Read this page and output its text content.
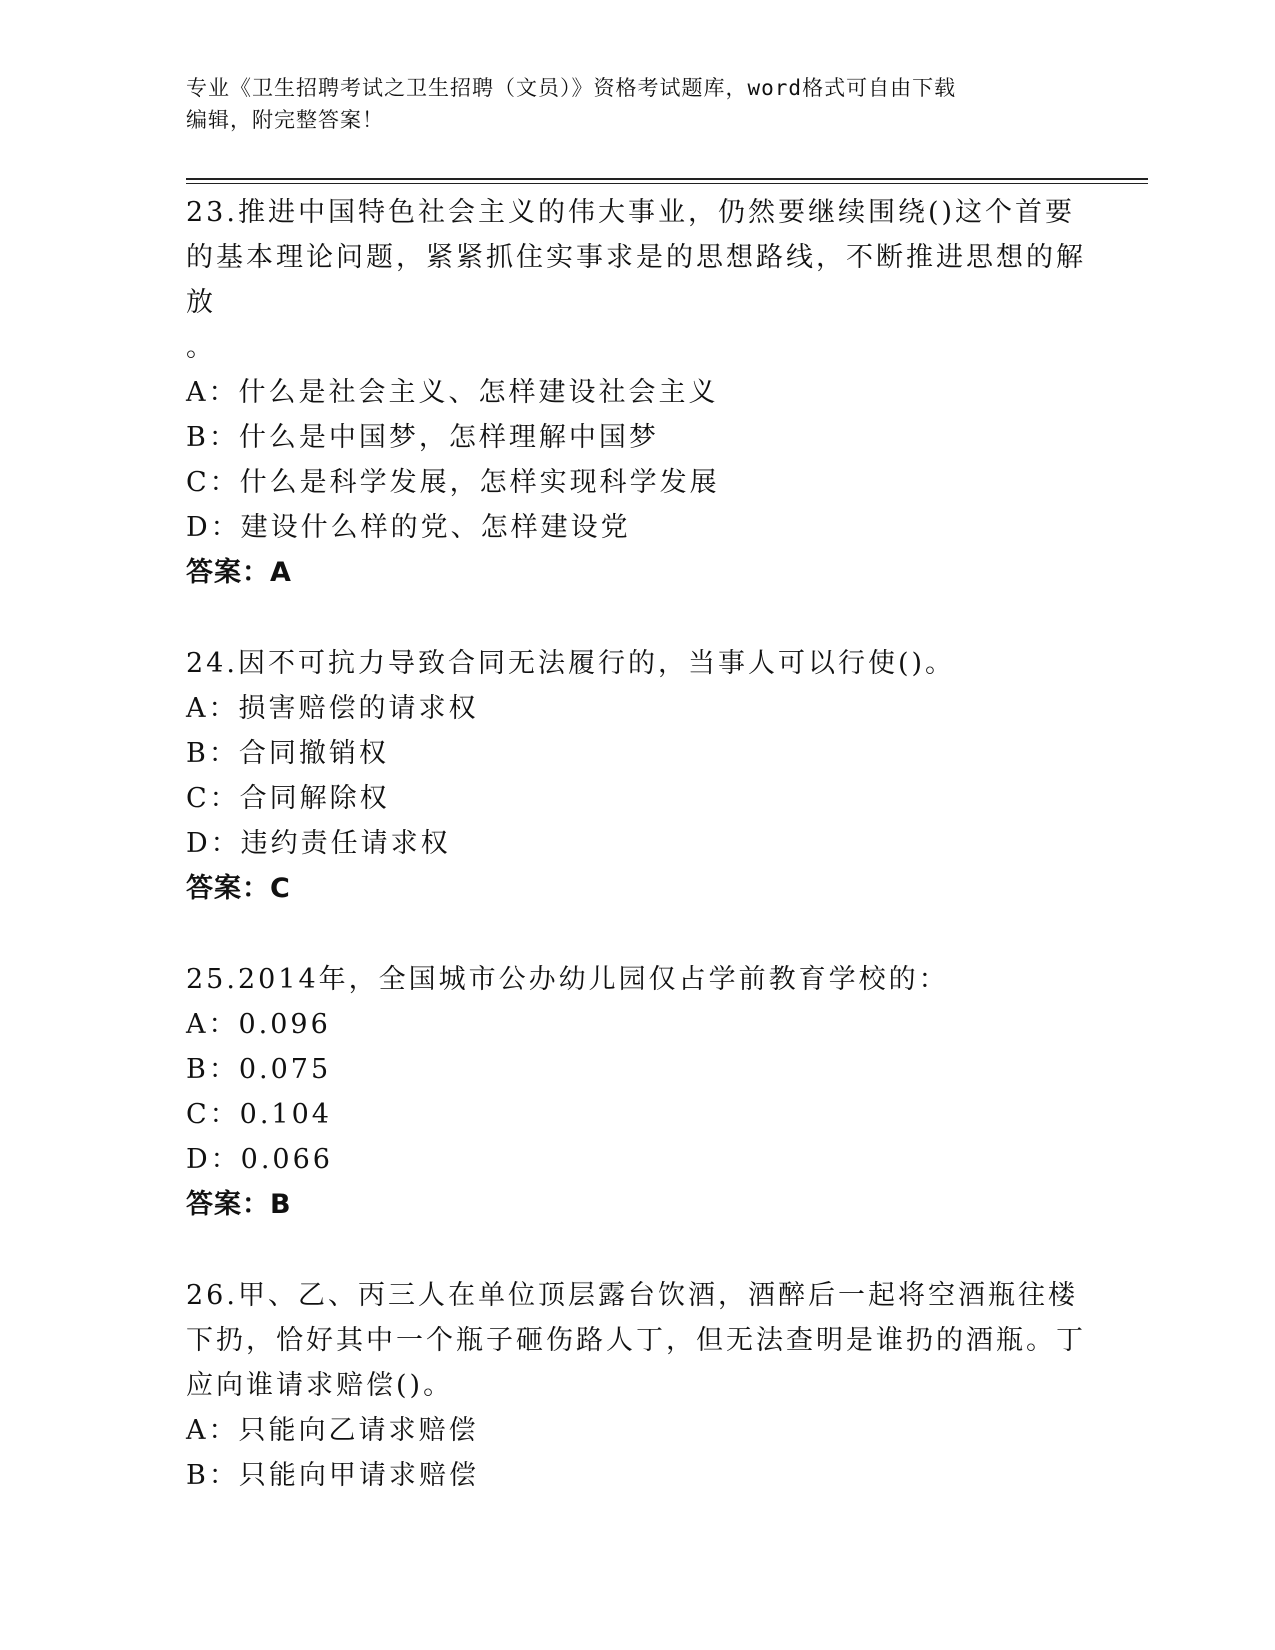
专业《卫生招聘考试之卫生招聘（文员）》资格考试题库，word格式可自由下载
编辑，附完整答案！

23.推进中国特色社会主义的伟大事业，仍然要继续围绕()这个首要的基本理论问题，紧紧抓住实事求是的思想路线，不断推进思想的解放
。

A：什么是社会主义、怎样建设社会主义

B：什么是中国梦，怎样理解中国梦

C：什么是科学发展，怎样实现科学发展

D：建设什么样的党、怎样建设党

答案：A

24.因不可抗力导致合同无法履行的，当事人可以行使()。

A：损害赔偿的请求权

B：合同撤销权

C：合同解除权

D：违约责任请求权

答案：C

25.2014年，全国城市公办幼儿园仅占学前教育学校的：

A：0.096

B：0.075

C：0.104

D：0.066

答案：B

26.甲、乙、丙三人在单位顶层露台饮酒，酒醉后一起将空酒瓶往楼下扔，恰好其中一个瓶子砸伤路人丁，但无法查明是谁扔的酒瓶。丁应向谁请求赔偿()。

A：只能向乙请求赔偿

B：只能向甲请求赔偿
